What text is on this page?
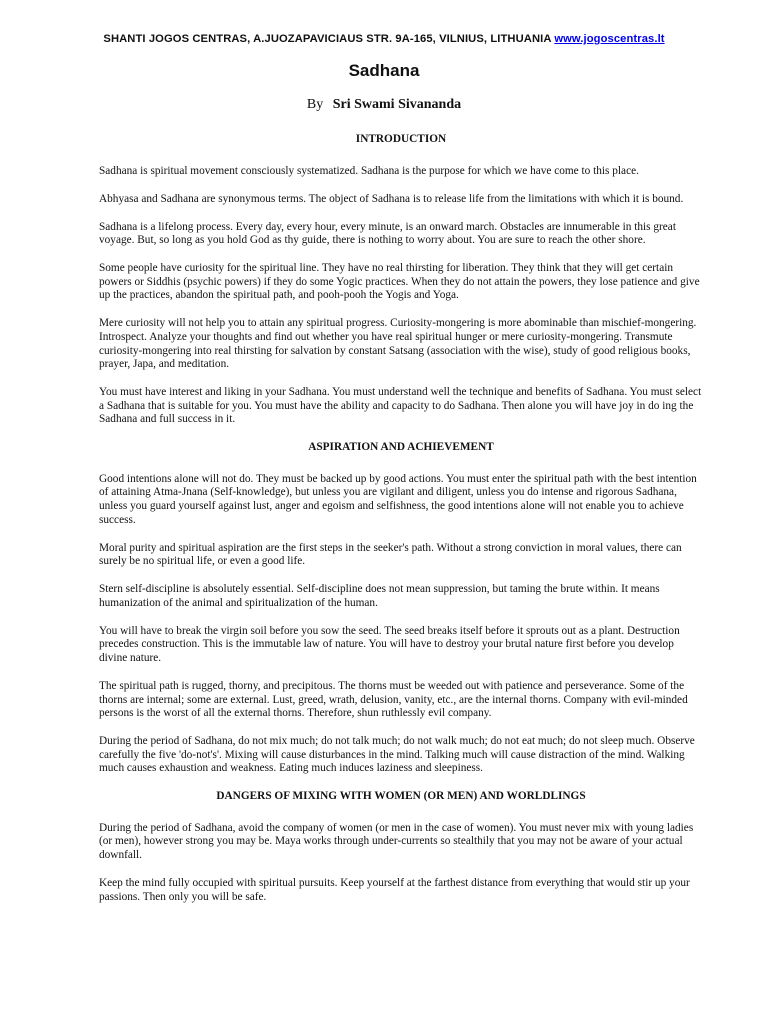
SHANTI JOGOS CENTRAS, A.JUOZAPAVICIAUS STR. 9A-165, VILNIUS, LITHUANIA www.jogoscentras.lt
Sadhana
By Sri Swami Sivananda
INTRODUCTION

Sadhana is spiritual movement consciously systematized. Sadhana is the purpose for which we have come to this place.

Abhyasa and Sadhana are synonymous terms. The object of Sadhana is to release life from the limitations with which it is bound.

Sadhana is a lifelong process. Every day, every hour, every minute, is an onward march. Obstacles are innumerable in this great voyage. But, so long as you hold God as thy guide, there is nothing to worry about. You are sure to reach the other shore.

Some people have curiosity for the spiritual line. They have no real thirsting for liberation. They think that they will get certain powers or Siddhis (psychic powers) if they do some Yogic practices. When they do not attain the powers, they lose patience and give up the practices, abandon the spiritual path, and pooh-pooh the Yogis and Yoga.

Mere curiosity will not help you to attain any spiritual progress. Curiosity-mongering is more abominable than mischief-mongering. Introspect. Analyze your thoughts and find out whether you have real spiritual hunger or mere curiosity-mongering. Transmute curiosity-mongering into real thirsting for salvation by constant Satsang (association with the wise), study of good religious books, prayer, Japa, and meditation.

You must have interest and liking in your Sadhana. You must understand well the technique and benefits of Sadhana. You must select a Sadhana that is suitable for you. You must have the ability and capacity to do Sadhana. Then alone you will have joy in do ing the Sadhana and full success in it.

ASPIRATION AND ACHIEVEMENT

Good intentions alone will not do. They must be backed up by good actions. You must enter the spiritual path with the best intention of attaining Atma-Jnana (Self-knowledge), but unless you are vigilant and diligent, unless you do intense and rigorous Sadhana, unless you guard yourself against lust, anger and egoism and selfishness, the good intentions alone will not enable you to achieve success.

Moral purity and spiritual aspiration are the first steps in the seeker's path. Without a strong conviction in moral values, there can surely be no spiritual life, or even a good life.

Stern self-discipline is absolutely essential. Self-discipline does not mean suppression, but taming the brute within. It means humanization of the animal and spiritualization of the human.

You will have to break the virgin soil before you sow the seed. The seed breaks itself before it sprouts out as a plant. Destruction precedes construction. This is the immutable law of nature. You will have to destroy your brutal nature first before you develop divine nature.

The spiritual path is rugged, thorny, and precipitous. The thorns must be weeded out with patience and perseverance. Some of the thorns are internal; some are external. Lust, greed, wrath, delusion, vanity, etc., are the internal thorns. Company with evil-minded persons is the worst of all the external thorns. Therefore, shun ruthlessly evil company.

During the period of Sadhana, do not mix much; do not talk much; do not walk much; do not eat much; do not sleep much. Observe carefully the five 'do-not's'. Mixing will cause disturbances in the mind. Talking much will cause distraction of the mind. Walking much causes exhaustion and weakness. Eating much induces laziness and sleepiness.

DANGERS OF MIXING WITH WOMEN (OR MEN) AND WORLDLINGS

During the period of Sadhana, avoid the company of women (or men in the case of women). You must never mix with young ladies (or men), however strong you may be. Maya works through under-currents so stealthily that you may not be aware of your actual downfall.

Keep the mind fully occupied with spiritual pursuits. Keep yourself at the farthest distance from everything that would stir up your passions. Then only you will be safe.
